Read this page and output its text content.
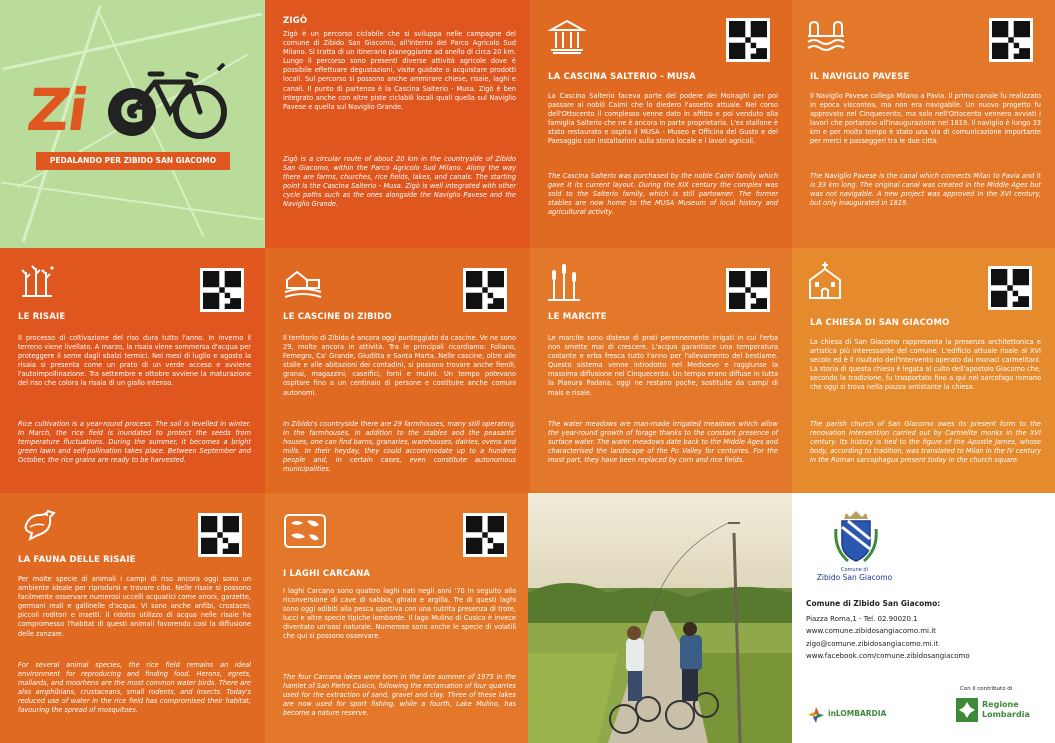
G
Zi
PEDALANDO PER ZIBIDO SAN GIACOMO
ZIGÒ
Zigò è un percorso ciclabile che si sviluppa nelle campagne del comune di Zibido San Giacomo, all'interno del Parco Agricolo Sud Milano. Si tratta di un itinerario pianeggiante ad anello di circa 20 km. Lungo il percorso sono presenti diverse attività agricole dove è possibile effettuare degustazioni, visite guidate o acquistare prodotti locali. Sul percorso si possono anche ammirare chiese, risaie, laghi e canali. Il punto di partenza è la Cascina Salterio - Musa. Zigò è ben integrato anche con altre piste ciclabili locali quali quella sul Naviglio Pavese e quella sul Naviglio Grande.
Zigò is a circular route of about 20 km in the countryside of Zibido San Giacomo, within the Parco Agricolo Sud Milano. Along the way there are farms, churches, rice fields, lakes, and canals. The starting point is the Cascina Salterio - Musa. Zigò is well integrated with other cycle paths such as the ones alongside the Naviglio Pavese and the Naviglio Grande.
LA CASCINA SALTERIO - MUSA
La Cascina Salterio faceva parte del podere dei Moiraghi per poi passare ai nobili Caimi che lo diedero l'assetto attuale. Nel corso dell'Ottocento il complesso venne dato in affitto e poi venduto alla famiglia Salterio che ne è ancora in parte proprietaria. L'ex stallone è stato restaurato e ospita il MUSA - Museo e Officina del Gusto e del Paesaggio con installazioni sulla storia locale e i lavori agricoli.
The Cascina Salterio was purchased by the noble Caimi family which gave it its current layout. During the XIX century the complex was sold to the Salterio family, which is still partowner. The former stables are now home to the MUSA Museum of local history and agricultural activity.
IL NAVIGLIO PAVESE
Il Naviglio Pavese collega Milano a Pavia. Il primo canale fu realizzato in epoca viscontea, ma non era navigabile. Un nuovo progetto fu approvato nel Cinquecento, ma solo nell'Ottocento vennero avviati i lavori che portarono all'inaugurazione nel 1819. Il naviglio è lungo 33 km e per molto tempo è stato una via di comunicazione importante per merci e passeggeri tra le due città.
The Naviglio Pavese is the canal which connects Milan to Pavia and it is 33 km long. The original canal was created in the Middle Ages but was not navigable. A new project was approved in the XVI century, but only inaugurated in 1819.
LE RISAIE
Il processo di coltivazione del riso dura tutto l'anno. In inverno il terreno viene livellato. A marzo, la risaia viene sommersa d'acqua per proteggere il seme dagli sbalzi termici. Nei mesi di luglio e agosto la risaia si presenta come un prato di un verde acceso e avviene l'autoimpollinazione. Tra settembre e ottobre avviene la maturazione del riso che colora la risaia di un giallo intenso.
Rice cultivation is a year-round process. The soil is levelled in winter. In March, the rice field is inundated to protect the seeds from temperature fluctuations. During the summer, it becomes a bright green lawn and self-pollination takes place. Between September and October, the rice grains are ready to be harvested.
LE CASCINE DI ZIBIDO
Il territorio di Zibido è ancora oggi punteggiato da cascine. Ve ne sono 29, molte ancora in attività. Tra le principali ricordiamo: Foliano, Femegro, Ca' Grande, Giuditta e Santa Marta. Nelle cascine, oltre alle stalle e alle abitazioni dei contadini, si possono trovare anche fienili, granai, magazzini, caseifici, forni e mulini. Un tempo potevano ospitare fino a un centinaio di persone e costituire anche comuni autonomi.
In Zibido's countryside there are 29 farmhouses, many still operating. In the farmhouses, in addition to the stables and the peasants' houses, one can find barns, granaries, warehouses, dairies, ovens and mills. In their heyday, they could accommodate up to a hundred people and, in certain cases, even constitute autonomous municipalities.
LE MARCITE
Le marcite sono distese di prati perennemente irrigati in cui l'erba non smette mai di crescere. L'acqua garantisce una temperatura costante e erba fresca tutto l'anno per l'allevamento del bestiame. Questo sistema venne introdotto nel Medioevo e raggiunse la massima diffusione nel Cinquecento. Un tempo erano diffuse in tutta la Pianura Padana, oggi ne restano poche, sostituite da campi di mais e risaie.
The water meadows are man-made irrigated meadows which allow the year-round growth of forage thanks to the constant presence of surface water. The water meadows date back to the Middle Ages and characterised the landscape of the Po Valley for centuries. For the most part, they have been replaced by corn and rice fields.
LA CHIESA DI SAN GIACOMO
La chiesa di San Giacomo rappresenta la presenza architettonica e artistica più interessante del comune. L'edificio attuale risale al XVI secolo ed è il risultato dell'intervento operato dai monaci carmelitani. La storia di questa chiesa è legata al culto dell'apostolo Giacomo che, secondo la tradizione, fu trasportato fino a qui nel sarcofago romano che oggi si trova nella piazza antistante la chiesa.
The parish church of San Giacomo owes its present form to the renovation intervention carried out by Carmelite monks in the XVI century. Its history is tied to the figure of the Apostle James, whose body, according to tradition, was translated to Milan in the IV century in the Roman sarcophagus present today in the church square.
LA FAUNA DELLE RISAIE
Per molte specie di animali i campi di riso ancora oggi sono un ambiente ideale per riprodursi e trovare cibo. Nelle risaie si possono facilmente osservare numerosi uccelli acquatici come aironi, garzette, germani reali e gallinelle d'acqua. Vi sono anche anfibi, crostacei, piccoli roditori e insetti. Il ridotto utilizzo di acqua nelle risaie ha compromesso l'habitat di questi animali favorendo così la diffusione delle zanzare.
For several animal species, the rice field remains an ideal environment for reproducing and finding food. Herons, egrets, mallards, and moorhens are the most common water birds. There are also amphibians, crustaceans, small rodents, and insects. Today's reduced use of water in the rice field has compromised their habitat, favouring the spread of mosquitoes.
I LAGHI CARCANA
I laghi Carcana sono quattro laghi nati negli anni '70 in seguito alla riconversione di cave di sabbia, ghiaia e argilla. Tre di questi laghi sono oggi adibiti alla pesca sportiva con una nutrita presenza di trote, lucci e altre specie tipiche lombarde. Il lago Mulino di Cusico è invece diventato un'oasi naturale. Numerose sono anche le specie di volatili che qui si possono osservare.
The four Carcana lakes were born in the late summer of 1975 in the hamlet of San Pietro Cusico, following the reclamation of four quarries used for the extraction of sand, gravel and clay. Three of these lakes are now used for sport fishing, while a fourth, Lake Mulino, has become a nature reserve.
Comune di
Zibido San Giacomo
Comune di Zibido San Giacomo:
Piazza Roma,1 - Tel. 02.90020.1
www.comune.zibidosangiacomo.mi.it
zigo@comune.zibidosangiacomo.mi.it
www.facebook.com/comune.zibidosangiacomo
Con il contributo di
inLOMBARDIA
Regione
Lombardia
